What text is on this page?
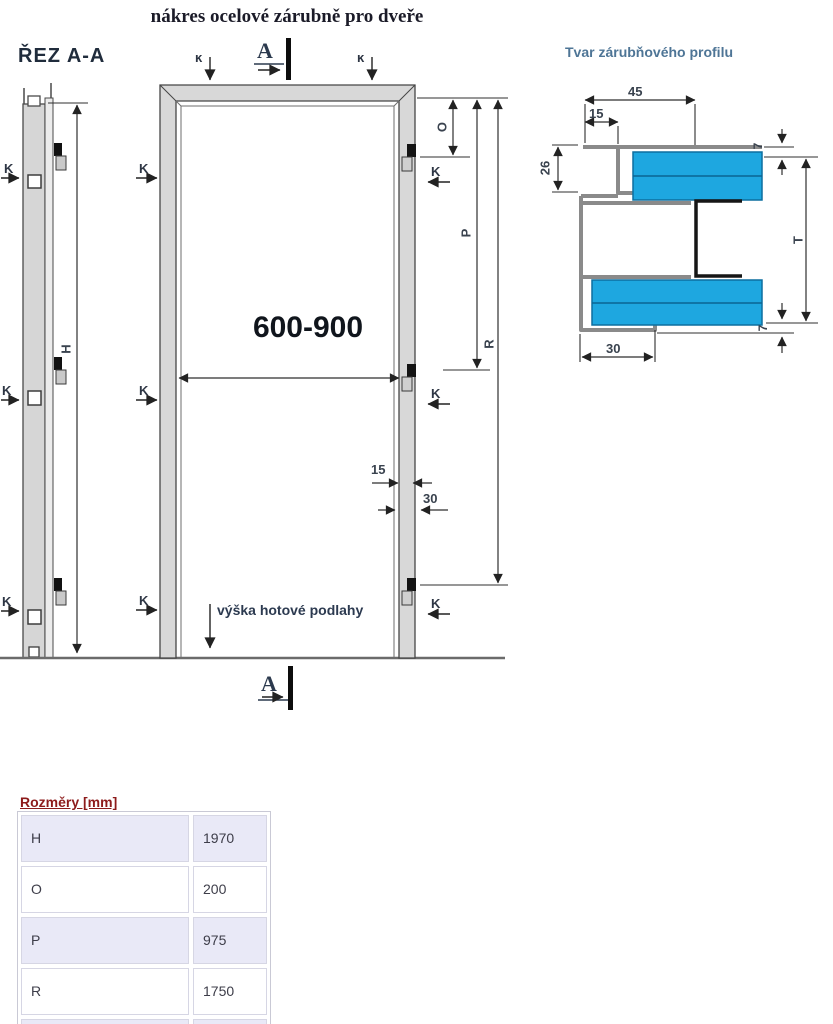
nákres ocelové zárubně pro dveře
ŘEZ A-A	Tvar zárubňového profilu
600-900
výška hotové podlahy
A
A
ĸ	ĸ
K
K
K
K
K
K
K
K
K
15
30
O
P
R
H
45
15
26
30
7
7
T
Rozměry [mm]
H	1970
O	200
P	975
R	1750
